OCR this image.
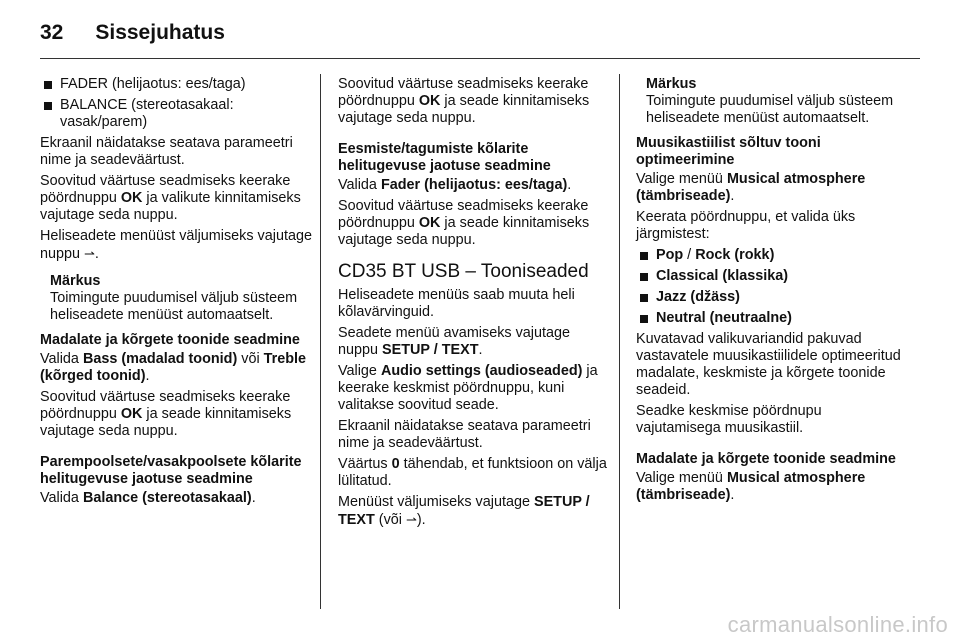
32 Sissejuhatus
FADER (helijaotus: ees/taga)
BALANCE (stereotasakaal: vasak/parem)

Ekraanil näidatakse seatava parameetri nime ja seadeväärtust.

Soovitud väärtuse seadmiseks keerake pöördnuppu OK ja valikute kinnitamiseks vajutage seda nuppu.

Heliseadete menüüst väljumiseks vajutage nuppu ⇀.

Märkus
Toimingute puudumisel väljub süsteem heliseadete menüüst automaatselt.
Madalate ja kõrgete toonide seadmine

Valida Bass (madalad toonid) või Treble (kõrged toonid).

Soovitud väärtuse seadmiseks keerake pöördnuppu OK ja seade kinnitamiseks vajutage seda nuppu.

Parempoolsete/vasakpoolsete kõlarite helitugevuse jaotuse seadmine

Valida Balance (stereotasakaal).

Soovitud väärtuse seadmiseks keerake pöördnuppu OK ja seade kinnitamiseks vajutage seda nuppu.

Eesmiste/tagumiste kõlarite helitugevuse jaotuse seadmine

Valida Fader (helijaotus: ees/taga).

Soovitud väärtuse seadmiseks keerake pöördnuppu OK ja seade kinnitamiseks vajutage seda nuppu.

CD35 BT USB – Tooniseaded

Heliseadete menüüs saab muuta heli kõlavärvinguid.

Seadete menüü avamiseks vajutage nuppu SETUP / TEXT.

Valige Audio settings (audioseaded) ja keerake keskmist pöördnuppu, kuni valitakse soovitud seade.

Ekraanil näidatakse seatava parameetri nime ja seadeväärtust.

Väärtus 0 tähendab, et funktsioon on välja lülitatud.

Menüüst väljumiseks vajutage SETUP / TEXT (või ⇀).

Märkus
Toimingute puudumisel väljub süsteem heliseadete menüüst automaatselt.
Muusikastiilist sõltuv tooni optimeerimine

Valige menüü Musical atmosphere (tämbriseade).

Keerata pöördnuppu, et valida üks järgmistest:

Pop / Rock (rokk)
Classical (klassika)
Jazz (džäss)
Neutral (neutraalne)

Kuvatavad valikuvariandid pakuvad vastavatele muusikastiilidele optimeeritud madalate, keskmiste ja kõrgete toonide seadeid.

Seadke keskmise pöördnupu vajutamisega muusikastiil.

Madalate ja kõrgete toonide seadmine

Valige menüü Musical atmosphere (tämbriseade).

carmanualsonline.info
